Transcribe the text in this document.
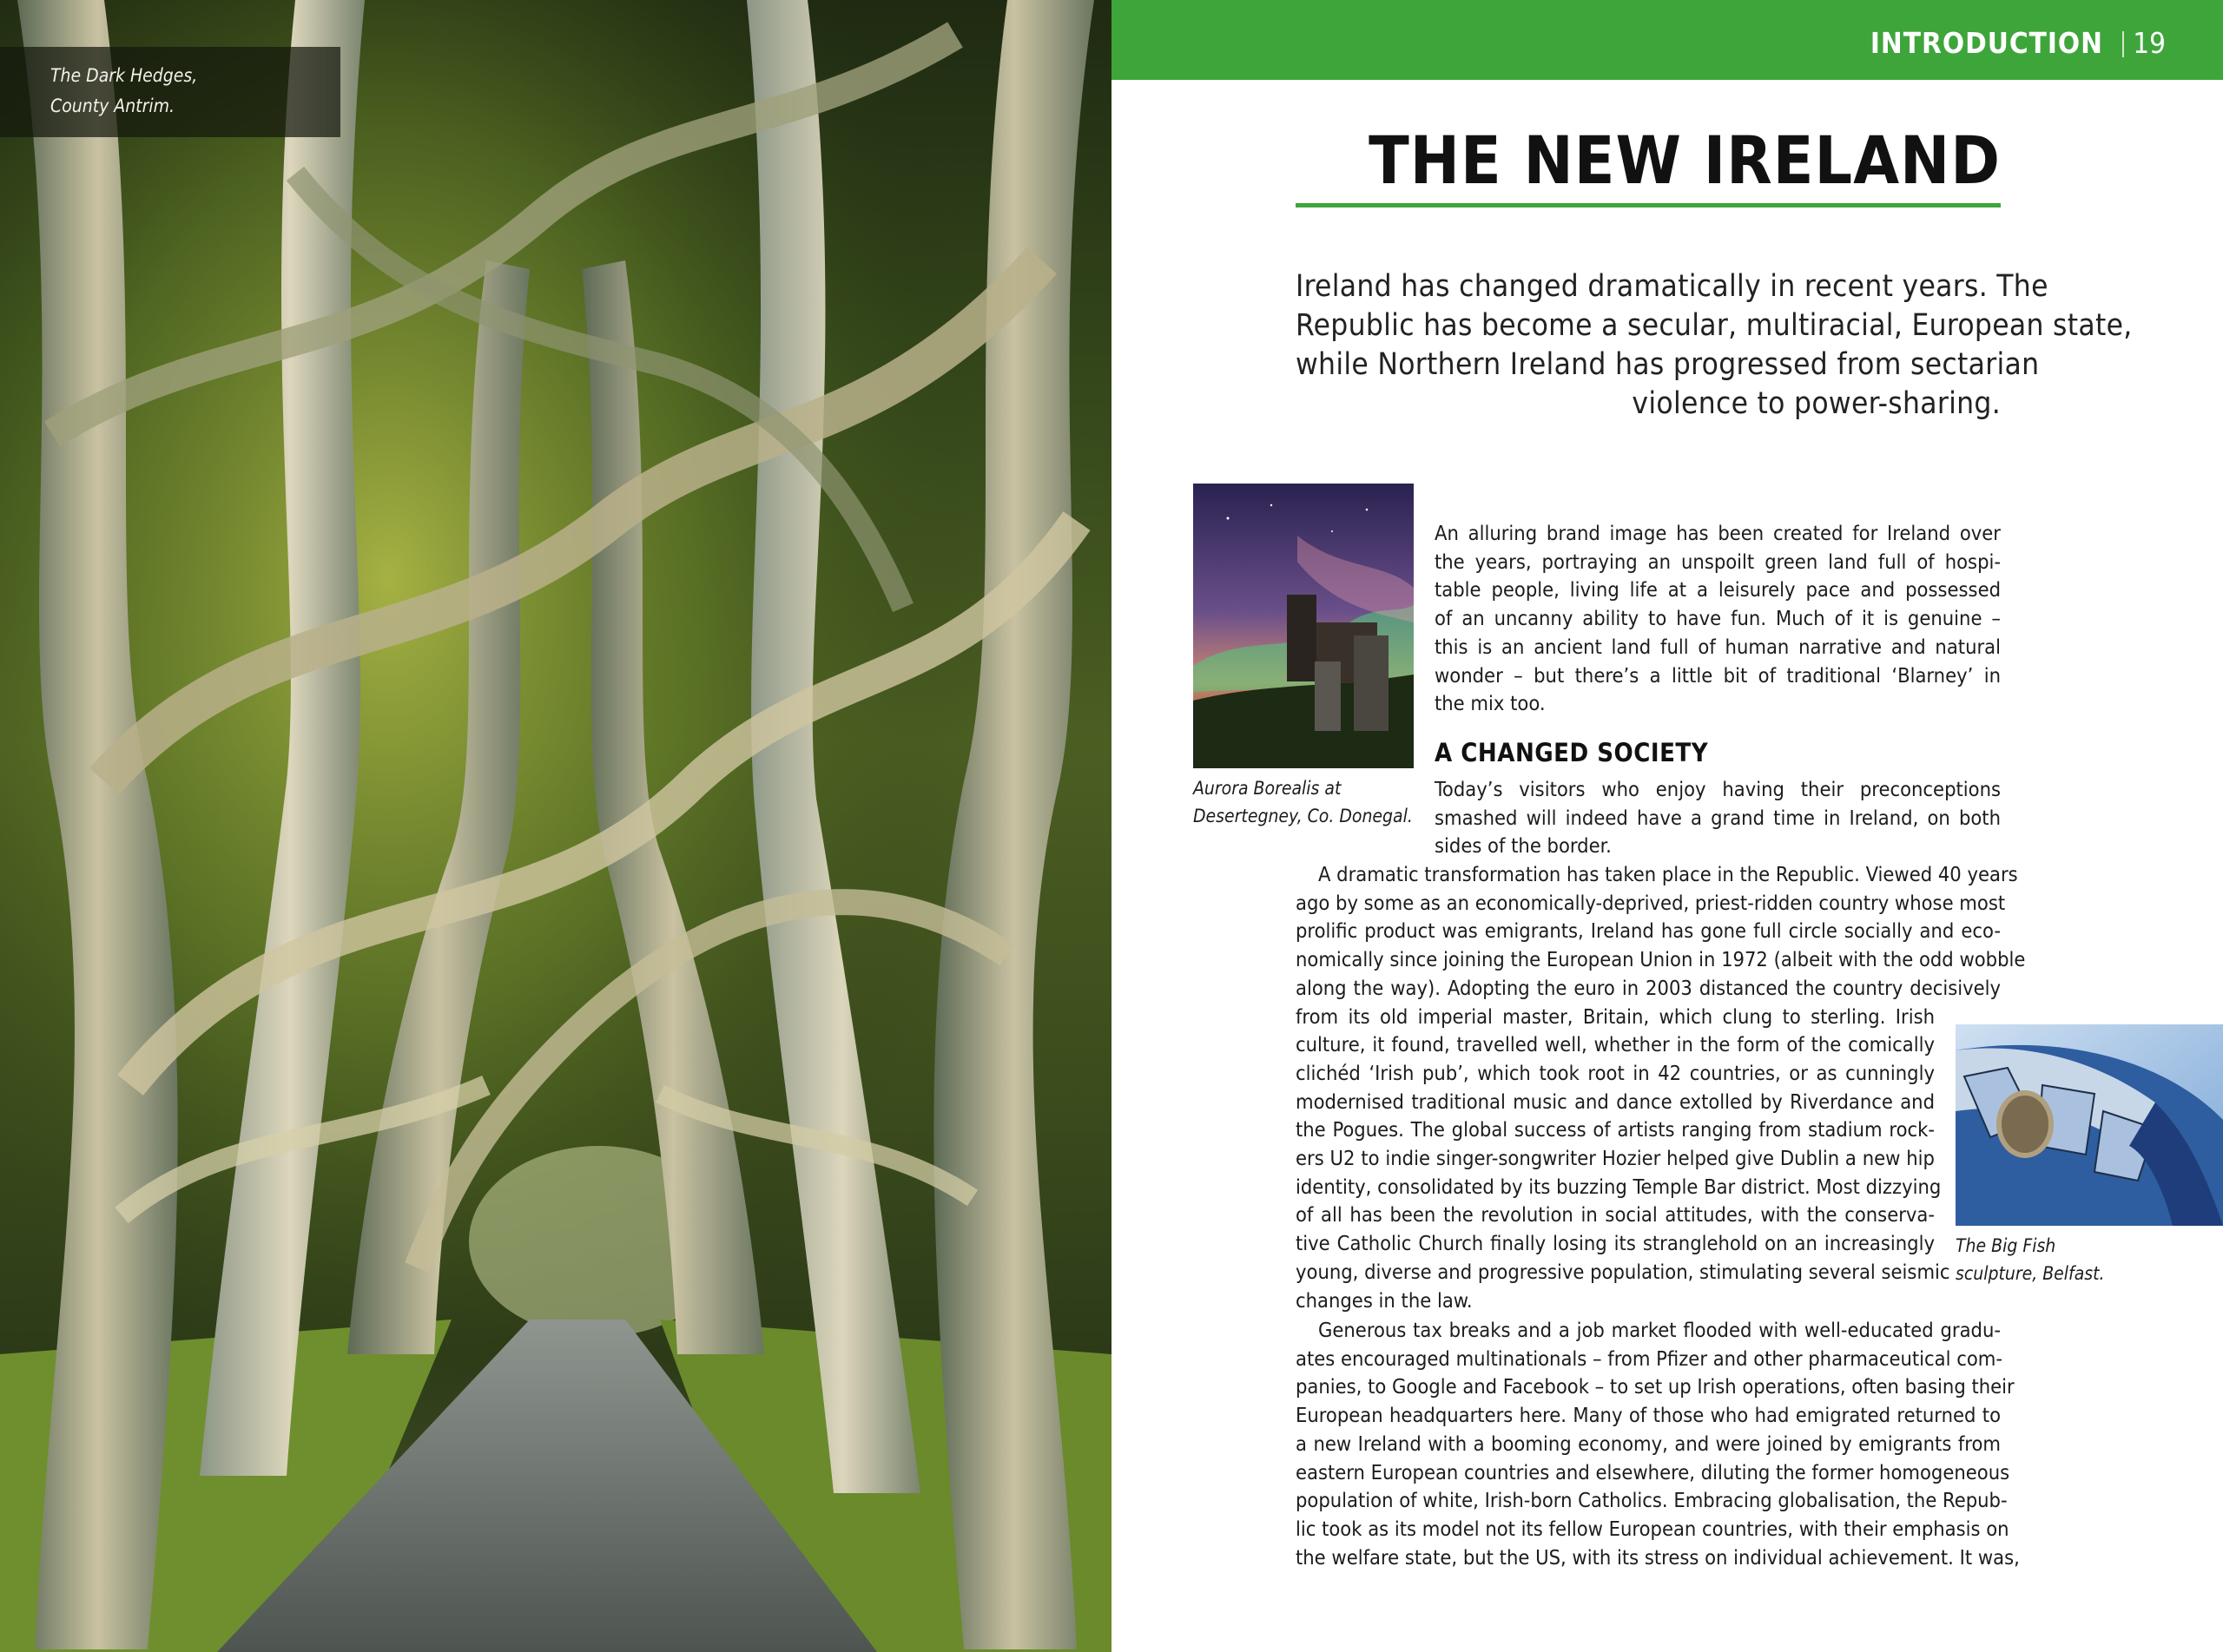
The Dark Hedges,
County Antrim.
INTRODUCTION 19
THE NEW IRELAND
Ireland has changed dramatically in recent years. The
Republic has become a secular, multiracial, European state,
while Northern Ireland has progressed from sectarian
violence to power-sharing.
Aurora Borealis at
Desertegney, Co. Donegal.
An alluring brand image has been created for Ireland over
the years, portraying an unspoilt green land full of hospi-
table people, living life at a leisurely pace and possessed
of an uncanny ability to have fun. Much of it is genuine –
this is an ancient land full of human narrative and natural
wonder – but there’s a little bit of traditional ‘Blarney’ in
the mix too.
A CHANGED SOCIETY
Today’s visitors who enjoy having their preconceptions
smashed will indeed have a grand time in Ireland, on both
sides of the border.
A dramatic transformation has taken place in the Republic. Viewed 40 years
ago by some as an economically-deprived, priest-ridden country whose most
prolific product was emigrants, Ireland has gone full circle socially and eco-
nomically since joining the European Union in 1972 (albeit with the odd wobble
along the way). Adopting the euro in 2003 distanced the country decisively
from its old imperial master, Britain, which clung to sterling. Irish
culture, it found, travelled well, whether in the form of the comically
clichéd ‘Irish pub’, which took root in 42 countries, or as cunningly
modernised traditional music and dance extolled by Riverdance and
the Pogues. The global success of artists ranging from stadium rock-
ers U2 to indie singer-songwriter Hozier helped give Dublin a new hip
identity, consolidated by its buzzing Temple Bar district. Most dizzying
of all has been the revolution in social attitudes, with the conserva-
tive Catholic Church finally losing its stranglehold on an increasingly
young, diverse and progressive population, stimulating several seismic
changes in the law.
The Big Fish
sculpture, Belfast.
Generous tax breaks and a job market flooded with well-educated gradu-
ates encouraged multinationals – from Pfizer and other pharmaceutical com-
panies, to Google and Facebook – to set up Irish operations, often basing their
European headquarters here. Many of those who had emigrated returned to
a new Ireland with a booming economy, and were joined by emigrants from
eastern European countries and elsewhere, diluting the former homogeneous
population of white, Irish-born Catholics. Embracing globalisation, the Repub-
lic took as its model not its fellow European countries, with their emphasis on
the welfare state, but the US, with its stress on individual achievement. It was,
